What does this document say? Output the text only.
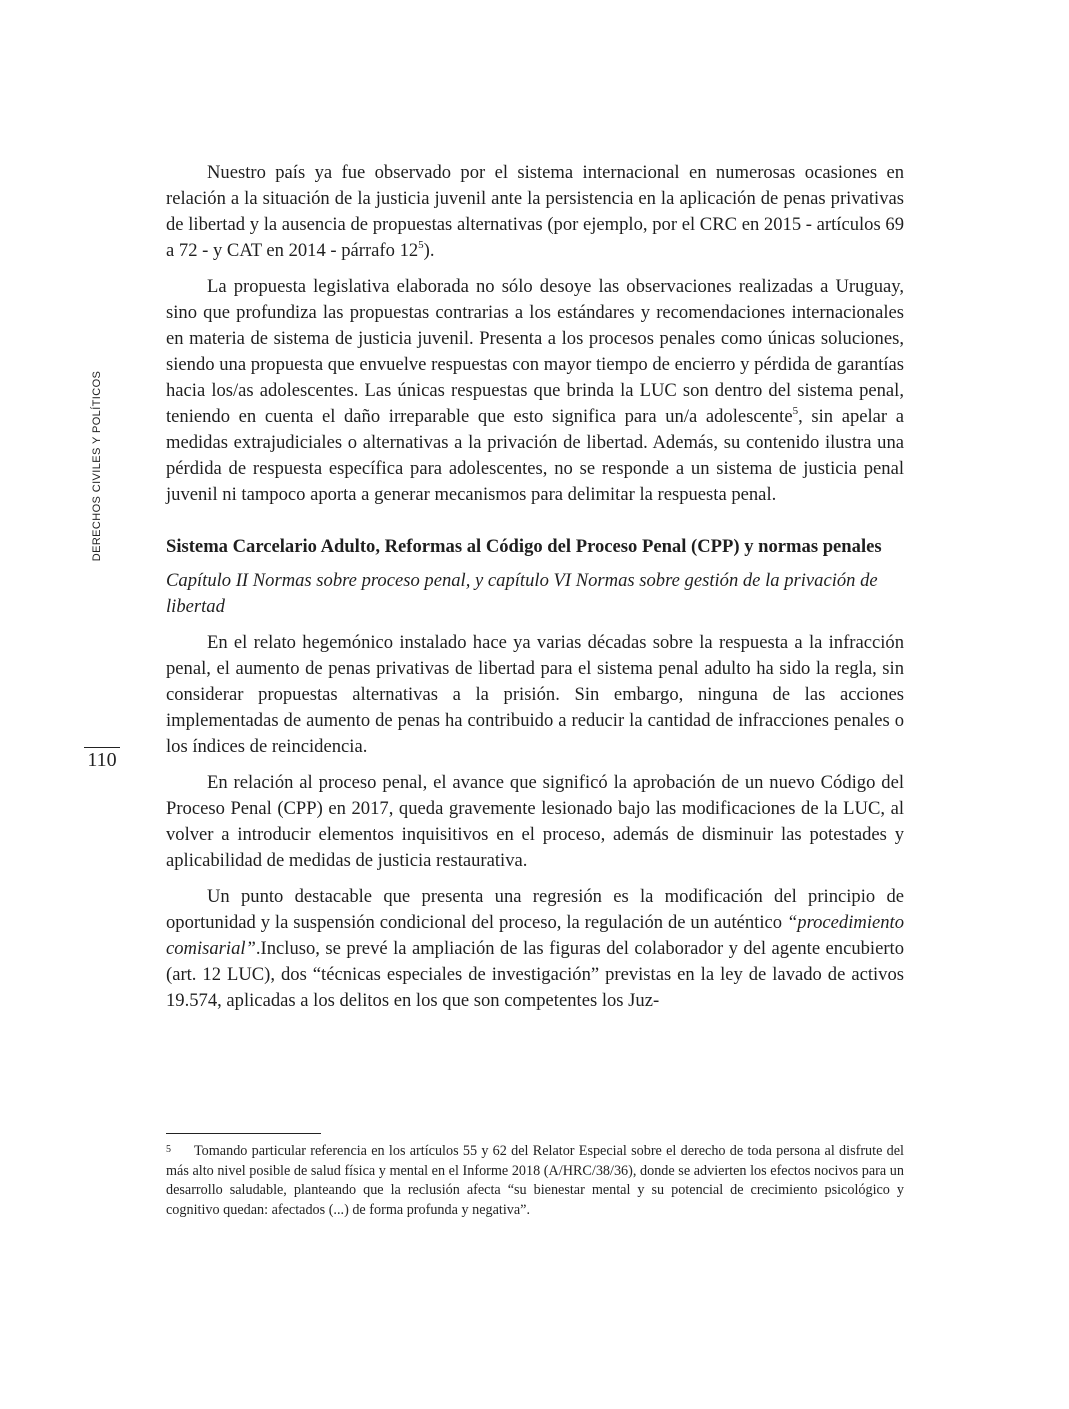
DERECHOS CIVILES Y POLÍTICOS
110

Nuestro país ya fue observado por el sistema internacional en numerosas ocasiones en relación a la situación de la justicia juvenil ante la persistencia en la aplicación de penas privativas de libertad y la ausencia de propuestas alternativas (por ejemplo, por el CRC en 2015 - artículos 69 a 72 - y CAT en 2014 - párrafo $12^5$).

La propuesta legislativa elaborada no sólo desoye las observaciones realizadas a Uruguay, sino que profundiza las propuestas contrarias a los estándares y recomendaciones internacionales en materia de sistema de justicia juvenil. Presenta a los procesos penales como únicas soluciones, siendo una propuesta que envuelve respuestas con mayor tiempo de encierro y pérdida de garantías hacia los/as adolescentes. Las únicas respuestas que brinda la LUC son dentro del sistema penal, teniendo en cuenta el daño irreparable que esto significa para un/a adolescente$^5$, sin apelar a medidas extrajudiciales o alternativas a la privación de libertad. Además, su contenido ilustra una pérdida de respuesta específica para adolescentes, no se responde a un sistema de justicia penal juvenil ni tampoco aporta a generar mecanismos para delimitar la respuesta penal.

Sistema Carcelario Adulto, Reformas al Código del Proceso Penal (CPP) y normas penales

Capítulo II Normas sobre proceso penal, y capítulo VI Normas sobre gestión de la privación de libertad

En el relato hegemónico instalado hace ya varias décadas sobre la respuesta a la infracción penal, el aumento de penas privativas de libertad para el sistema penal adulto ha sido la regla, sin considerar propuestas alternativas a la prisión. Sin embargo, ninguna de las acciones implementadas de aumento de penas ha contribuido a reducir la cantidad de infracciones penales o los índices de reincidencia.

En relación al proceso penal, el avance que significó la aprobación de un nuevo Código del Proceso Penal (CPP) en 2017, queda gravemente lesionado bajo las modificaciones de la LUC, al volver a introducir elementos inquisitivos en el proceso, además de disminuir las potestades y aplicabilidad de medidas de justicia restaurativa.

Un punto destacable que presenta una regresión es la modificación del principio de oportunidad y la suspensión condicional del proceso, la regulación de un auténtico “procedimiento comisarial”.Incluso, se prevé la ampliación de las figuras del colaborador y del agente encubierto (art. 12 LUC), dos “técnicas especiales de investigación” previstas en la ley de lavado de activos 19.574, aplicadas a los delitos en los que son competentes los Juz-

5 Tomando particular referencia en los artículos 55 y 62 del Relator Especial sobre el derecho de toda persona al disfrute del más alto nivel posible de salud física y mental en el Informe 2018 (A/HRC/38/36), donde se advierten los efectos nocivos para un desarrollo saludable, planteando que la reclusión afecta “su bienestar mental y su potencial de crecimiento psicológico y cognitivo quedan: afectados (...) de forma profunda y negativa”.
